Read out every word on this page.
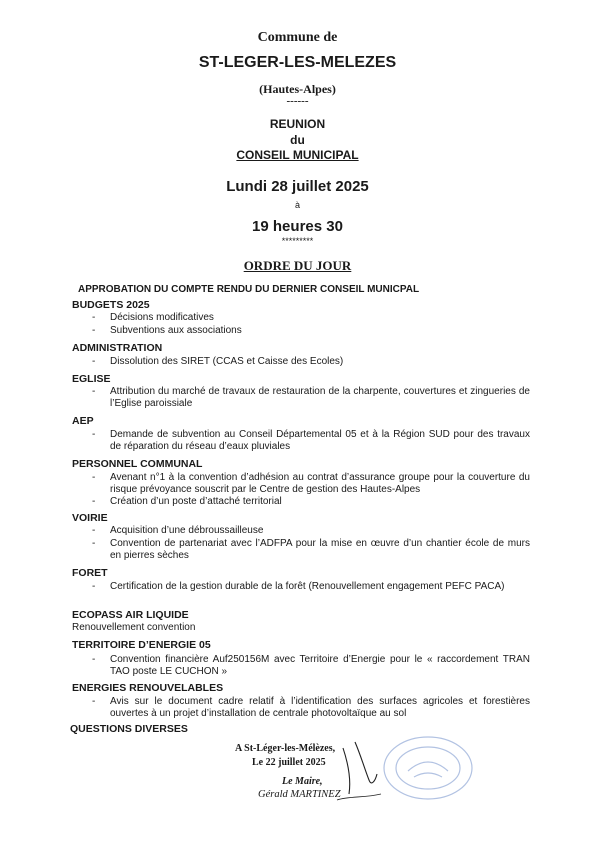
Commune de
ST-LEGER-LES-MELEZES
(Hautes-Alpes)
------
REUNION
du
CONSEIL MUNICIPAL
Lundi 28 juillet 2025
à
19 heures 30
*********
ORDRE DU JOUR
APPROBATION DU COMPTE RENDU DU DERNIER CONSEIL MUNICPAL
BUDGETS 2025
- Décisions modificatives
- Subventions aux associations
ADMINISTRATION
- Dissolution des SIRET (CCAS et Caisse des Ecoles)
EGLISE
- Attribution du marché de travaux de restauration de la charpente, couvertures et zingueries de l’Eglise paroissiale
AEP
- Demande de subvention au Conseil Départemental 05 et à la Région SUD pour des travaux de réparation du réseau d’eaux pluviales
PERSONNEL COMMUNAL
- Avenant n°1 à la convention d’adhésion au contrat d’assurance groupe pour la couverture du risque prévoyance souscrit par le Centre de gestion des Hautes-Alpes
- Création d’un poste d’attaché territorial
VOIRIE
- Acquisition d’une débroussailleuse
- Convention de partenariat avec l’ADFPA pour la mise en œuvre d’un chantier école de murs en pierres sèches
FORET
- Certification de la gestion durable de la forêt (Renouvellement engagement PEFC PACA)
ECOPASS AIR LIQUIDE
Renouvellement convention
TERRITOIRE D’ENERGIE 05
- Convention financière Auf250156M avec Territoire d’Energie pour le « raccordement TRAN TAO poste LE CUCHON »
ENERGIES RENOUVELABLES
- Avis sur le document cadre relatif à l’identification des surfaces agricoles et forestières ouvertes à un projet d’installation de centrale photovoltaïque au sol
QUESTIONS DIVERSES
A St-Léger-les-Mélèzes,
Le 22 juillet 2025
Le Maire,
Gérald MARTINEZ
